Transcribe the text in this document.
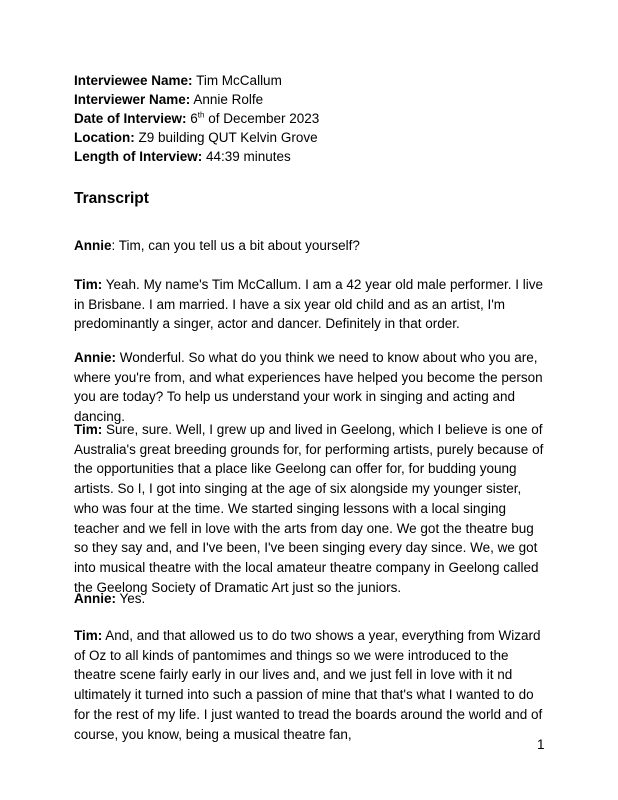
Interviewee Name: Tim McCallum
Interviewer Name: Annie Rolfe
Date of Interview: 6th of December 2023
Location: Z9 building QUT Kelvin Grove
Length of Interview: 44:39 minutes
Transcript

Annie: Tim, can you tell us a bit about yourself?

Tim: Yeah. My name's Tim McCallum. I am a 42 year old male performer. I live in Brisbane. I am married. I have a six year old child and as an artist, I'm predominantly a singer, actor and dancer. Definitely in that order.

Annie: Wonderful. So what do you think we need to know about who you are, where you're from, and what experiences have helped you become the person you are today? To help us understand your work in singing and acting and dancing.

Tim: Sure, sure. Well, I grew up and lived in Geelong, which I believe is one of Australia's great breeding grounds for, for performing artists, purely because of the opportunities that a place like Geelong can offer for, for budding young artists. So I, I got into singing at the age of six alongside my younger sister, who was four at the time. We started singing lessons with a local singing teacher and we fell in love with the arts from day one. We got the theatre bug so they say and, and I've been, I've been singing every day since. We, we got into musical theatre with the local amateur theatre company in Geelong called the Geelong Society of Dramatic Art just so the juniors.

Annie: Yes.

Tim: And, and that allowed us to do two shows a year, everything from Wizard of Oz to all kinds of pantomimes and things so we were introduced to the theatre scene fairly early in our lives and, and we just fell in love with it nd ultimately it turned into such a passion of mine that that's what I wanted to do for the rest of my life. I just wanted to tread the boards around the world and of course, you know, being a musical theatre fan,

1
